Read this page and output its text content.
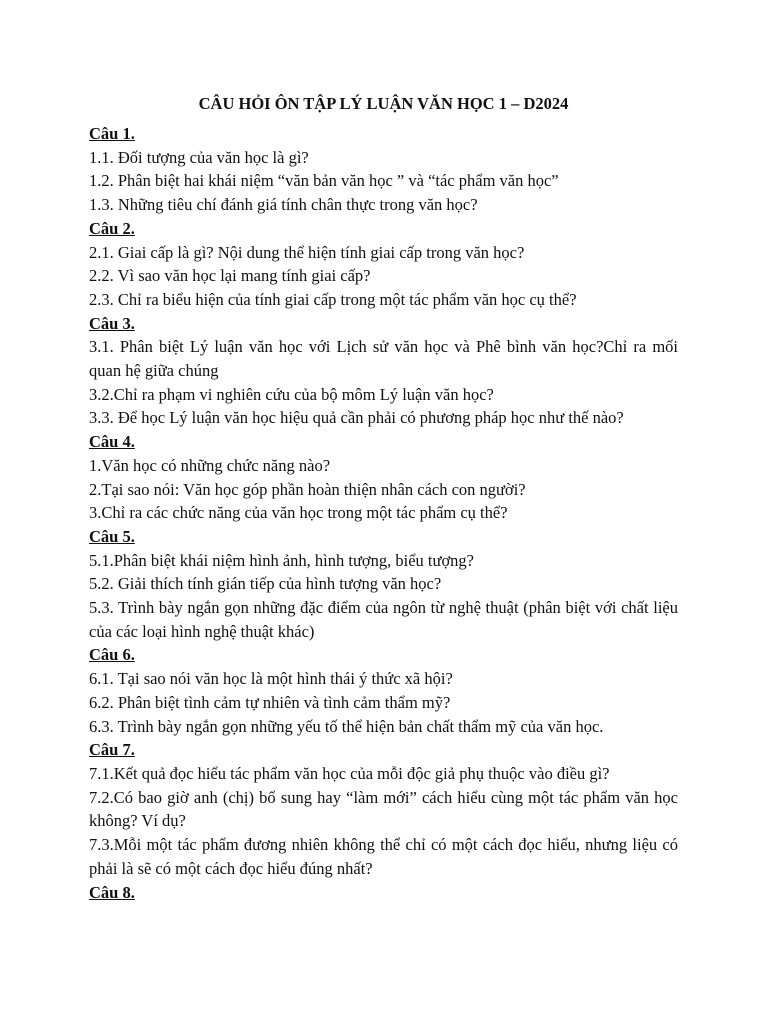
CÂU HỎI ÔN TẬP LÝ LUẬN VĂN HỌC 1 – D2024

Câu 1.

1.1. Đối tượng của văn học là gì?

1.2. Phân biệt hai khái niệm “văn bản văn học ” và “tác phẩm văn học”

1.3. Những tiêu chí đánh giá tính chân thực trong văn học?

Câu 2.

2.1. Giai cấp là gì? Nội dung thể hiện tính giai cấp trong văn học?

2.2. Vì sao văn học lại mang tính giai cấp?

2.3. Chỉ ra biểu hiện của tính giai cấp trong một tác phẩm văn học cụ thể?

Câu 3.

3.1. Phân biệt Lý luận văn học với Lịch sử văn học và Phê bình văn học?Chỉ ra mối quan hệ giữa chúng

3.2.Chỉ ra phạm vi nghiên cứu của bộ môm Lý luận văn học?

3.3. Để học Lý luận văn học hiệu quả cần phải có phương pháp học như thế nào?

Câu 4.

1.Văn học có những chức năng nào?

2.Tại sao nói: Văn học góp phần hoàn thiện nhân cách con người?

3.Chỉ ra các chức năng của văn học trong một tác phẩm cụ thể?

Câu 5.

5.1.Phân biệt khái niệm hình ảnh, hình tượng, biểu tượng?

5.2. Giải thích tính gián tiếp của hình tượng văn học?

5.3. Trình bày ngắn gọn những đặc điểm của ngôn từ nghệ thuật (phân biệt với chất liệu của các loại hình nghệ thuật khác)

Câu 6.

6.1. Tại sao nói văn học là một hình thái ý thức xã hội?

6.2. Phân biệt tình cảm tự nhiên và tình cảm thẩm mỹ?

6.3. Trình bày ngắn gọn những yếu tố thể hiện bản chất thẩm mỹ của văn học.

Câu 7.

7.1.Kết quả đọc hiểu tác phẩm văn học của mỗi độc giả phụ thuộc vào điều gì?

7.2.Có bao giờ anh (chị) bổ sung hay “làm mới” cách hiểu cùng một tác phẩm văn học không? Ví dụ?

7.3.Mỗi một tác phẩm đương nhiên không thể chỉ có một cách đọc hiểu, nhưng liệu có phải là sẽ có một cách đọc hiểu đúng nhất?

Câu 8.
